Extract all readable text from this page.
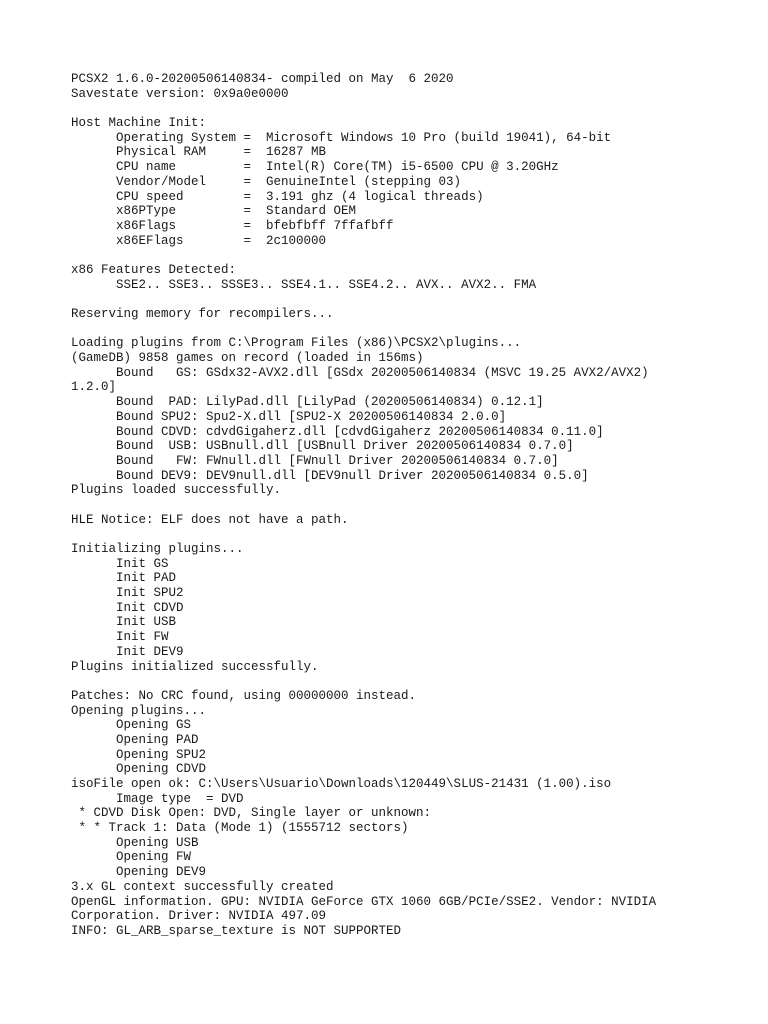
PCSX2 1.6.0-20200506140834- compiled on May  6 2020
Savestate version: 0x9a0e0000
Host Machine Init:
Operating System =  Microsoft Windows 10 Pro (build 19041), 64-bit
Physical RAM     =  16287 MB
CPU name         =  Intel(R) Core(TM) i5-6500 CPU @ 3.20GHz
Vendor/Model     =  GenuineIntel (stepping 03)
CPU speed        =  3.191 ghz (4 logical threads)
x86PType         =  Standard OEM
x86Flags         =  bfebfbff 7ffafbff
x86EFlags        =  2c100000
x86 Features Detected:
SSE2.. SSE3.. SSSE3.. SSE4.1.. SSE4.2.. AVX.. AVX2.. FMA
Reserving memory for recompilers...
Loading plugins from C:\Program Files (x86)\PCSX2\plugins...
(GameDB) 9858 games on record (loaded in 156ms)
Bound   GS: GSdx32-AVX2.dll [GSdx 20200506140834 (MSVC 19.25 AVX2/AVX2)
1.2.0]
Bound  PAD: LilyPad.dll [LilyPad (20200506140834) 0.12.1]
Bound SPU2: Spu2-X.dll [SPU2-X 20200506140834 2.0.0]
Bound CDVD: cdvdGigaherz.dll [cdvdGigaherz 20200506140834 0.11.0]
Bound  USB: USBnull.dll [USBnull Driver 20200506140834 0.7.0]
Bound   FW: FWnull.dll [FWnull Driver 20200506140834 0.7.0]
Bound DEV9: DEV9null.dll [DEV9null Driver 20200506140834 0.5.0]
Plugins loaded successfully.
HLE Notice: ELF does not have a path.
Initializing plugins...
Init GS
Init PAD
Init SPU2
Init CDVD
Init USB
Init FW
Init DEV9
Plugins initialized successfully.
Patches: No CRC found, using 00000000 instead.
Opening plugins...
Opening GS
Opening PAD
Opening SPU2
Opening CDVD
isoFile open ok: C:\Users\Usuario\Downloads\120449\SLUS-21431 (1.00).iso
Image type  = DVD
* CDVD Disk Open: DVD, Single layer or unknown:
* * Track 1: Data (Mode 1) (1555712 sectors)
Opening USB
Opening FW
Opening DEV9
3.x GL context successfully created
OpenGL information. GPU: NVIDIA GeForce GTX 1060 6GB/PCIe/SSE2. Vendor: NVIDIA
Corporation. Driver: NVIDIA 497.09
INFO: GL_ARB_sparse_texture is NOT SUPPORTED
